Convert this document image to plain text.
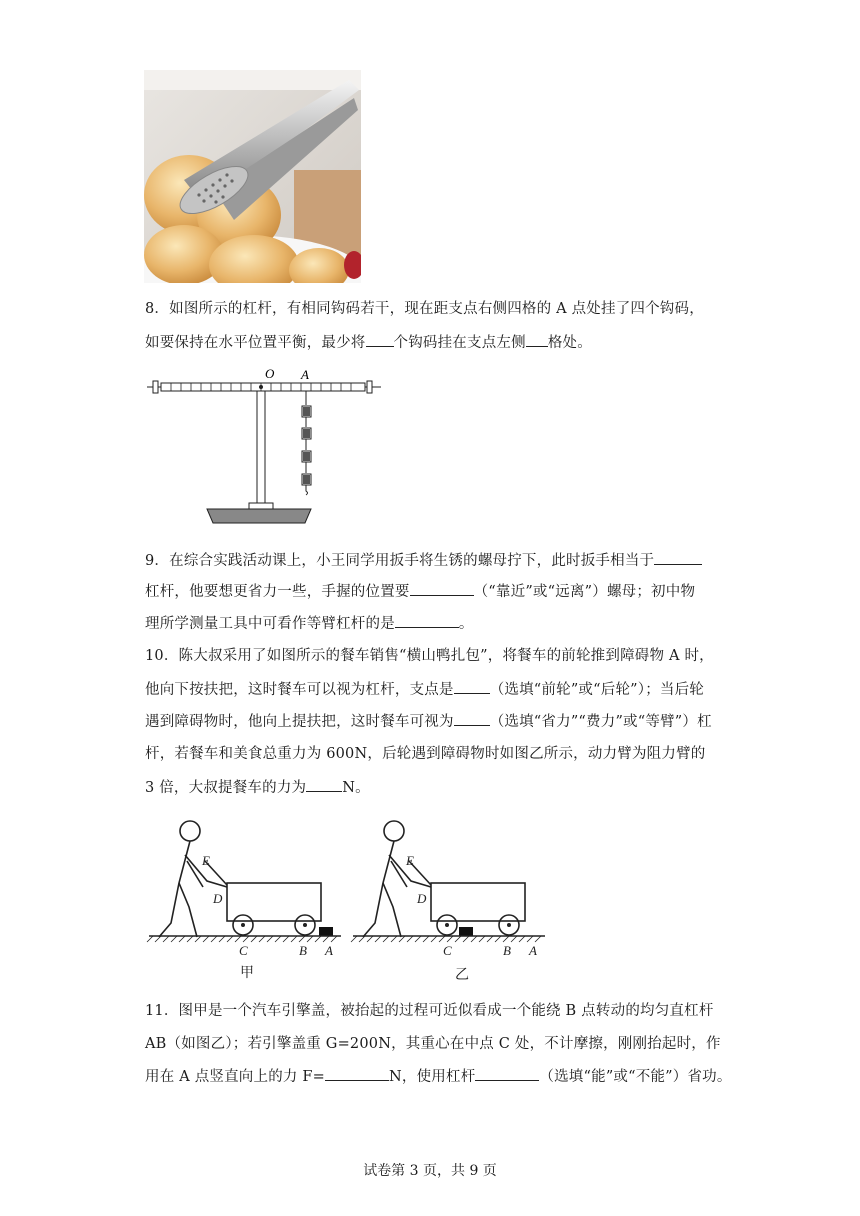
8．如图所示的杠杆，有相同钩码若干，现在距支点右侧四格的 A 点处挂了四个钩码，
如要保持在水平位置平衡，最少将 个钩码挂在支点左侧 格处。
O A
9．在综合实践活动课上，小王同学用扳手将生锈的螺母拧下，此时扳手相当于
杠杆，他要想更省力一些，手握的位置要	（“靠近”或“远离”）螺母；初中物
理所学测量工具中可看作等臂杠杆的是	。
10．陈大叔采用了如图所示的餐车销售“横山鸭扎包”，将餐车的前轮推到障碍物 A 时，
他向下按扶把，这时餐车可以视为杠杆，支点是 （选填“前轮”或“后轮”）；当后轮
遇到障碍物时，他向上提扶把，这时餐车可视为 （选填“省力”“费力”或“等臂”）杠
杆，若餐车和美食总重力为 600N，后轮遇到障碍物时如图乙所示，动力臂为阻力臂的
3 倍，大叔提餐车的力为 N。
E
D
C	B A
E
D
C	B A
甲	乙
11．图甲是一个汽车引擎盖，被抬起的过程可近似看成一个能绕 B 点转动的均匀直杠杆
AB（如图乙）；若引擎盖重 G=200N，其重心在中点 C 处，不计摩擦，刚刚抬起时，作
用在 A 点竖直向上的力 F=	N，使用杠杆	（选填“能”或“不能”）省功。
试卷第 3 页，共 9 页
